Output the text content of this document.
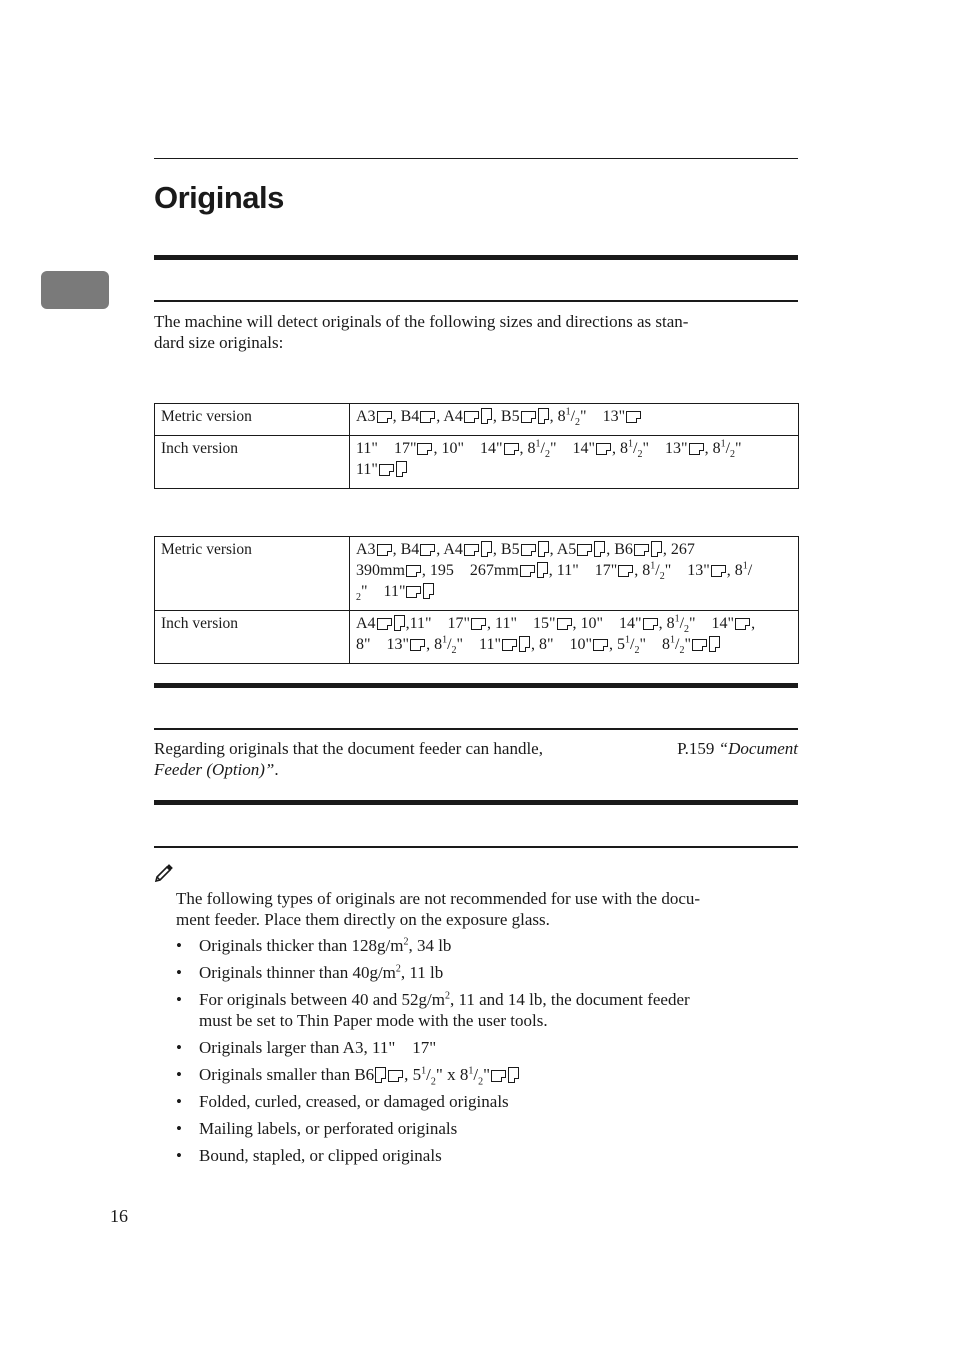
Originals
The machine will detect originals of the following sizes and directions as stan-
dard size originals:
Metric version	A3 , B4 , A4 , B5 , $8^1/_2$"    13"
Inch version	11"    17" , 10"    14" , $8^1/_2$"    14" , $8^1/_2$"    13" , $8^1/_2$"
11"
Metric version	A3 , B4 , A4 , B5 , A5 , B6 , 267
390mm , 195    267mm , 11"    17" , $8^1/_2$"    13" , $8^1/$
$_2$"    11"
Inch version	A4 ,11"    17" , 11"    15" , 10"    14" , $8^1/_2$"    14" ,
8"    13" , $8^1/_2$"    11" , 8"    10" , $5^1/_2$"    $8^1/_2$"
Regarding originals that the document feeder can handle,	P.159 “Document
Feeder (Option)”.
The following types of originals are not recommended for use with the docu-
ment feeder. Place them directly on the exposure glass.
• Originals thicker than $128g/m^2$, 34 lb
• Originals thinner than $40g/m^2$, 11 lb
• For originals between 40 and $52g/m^2$, 11 and 14 lb, the document feeder
must be set to Thin Paper mode with the user tools.
• Originals larger than A3, 11"    17"
• Originals smaller than B6 , $5^1/_2$" x $8^1/_2$"
• Folded, curled, creased, or damaged originals
• Mailing labels, or perforated originals
• Bound, stapled, or clipped originals
16
